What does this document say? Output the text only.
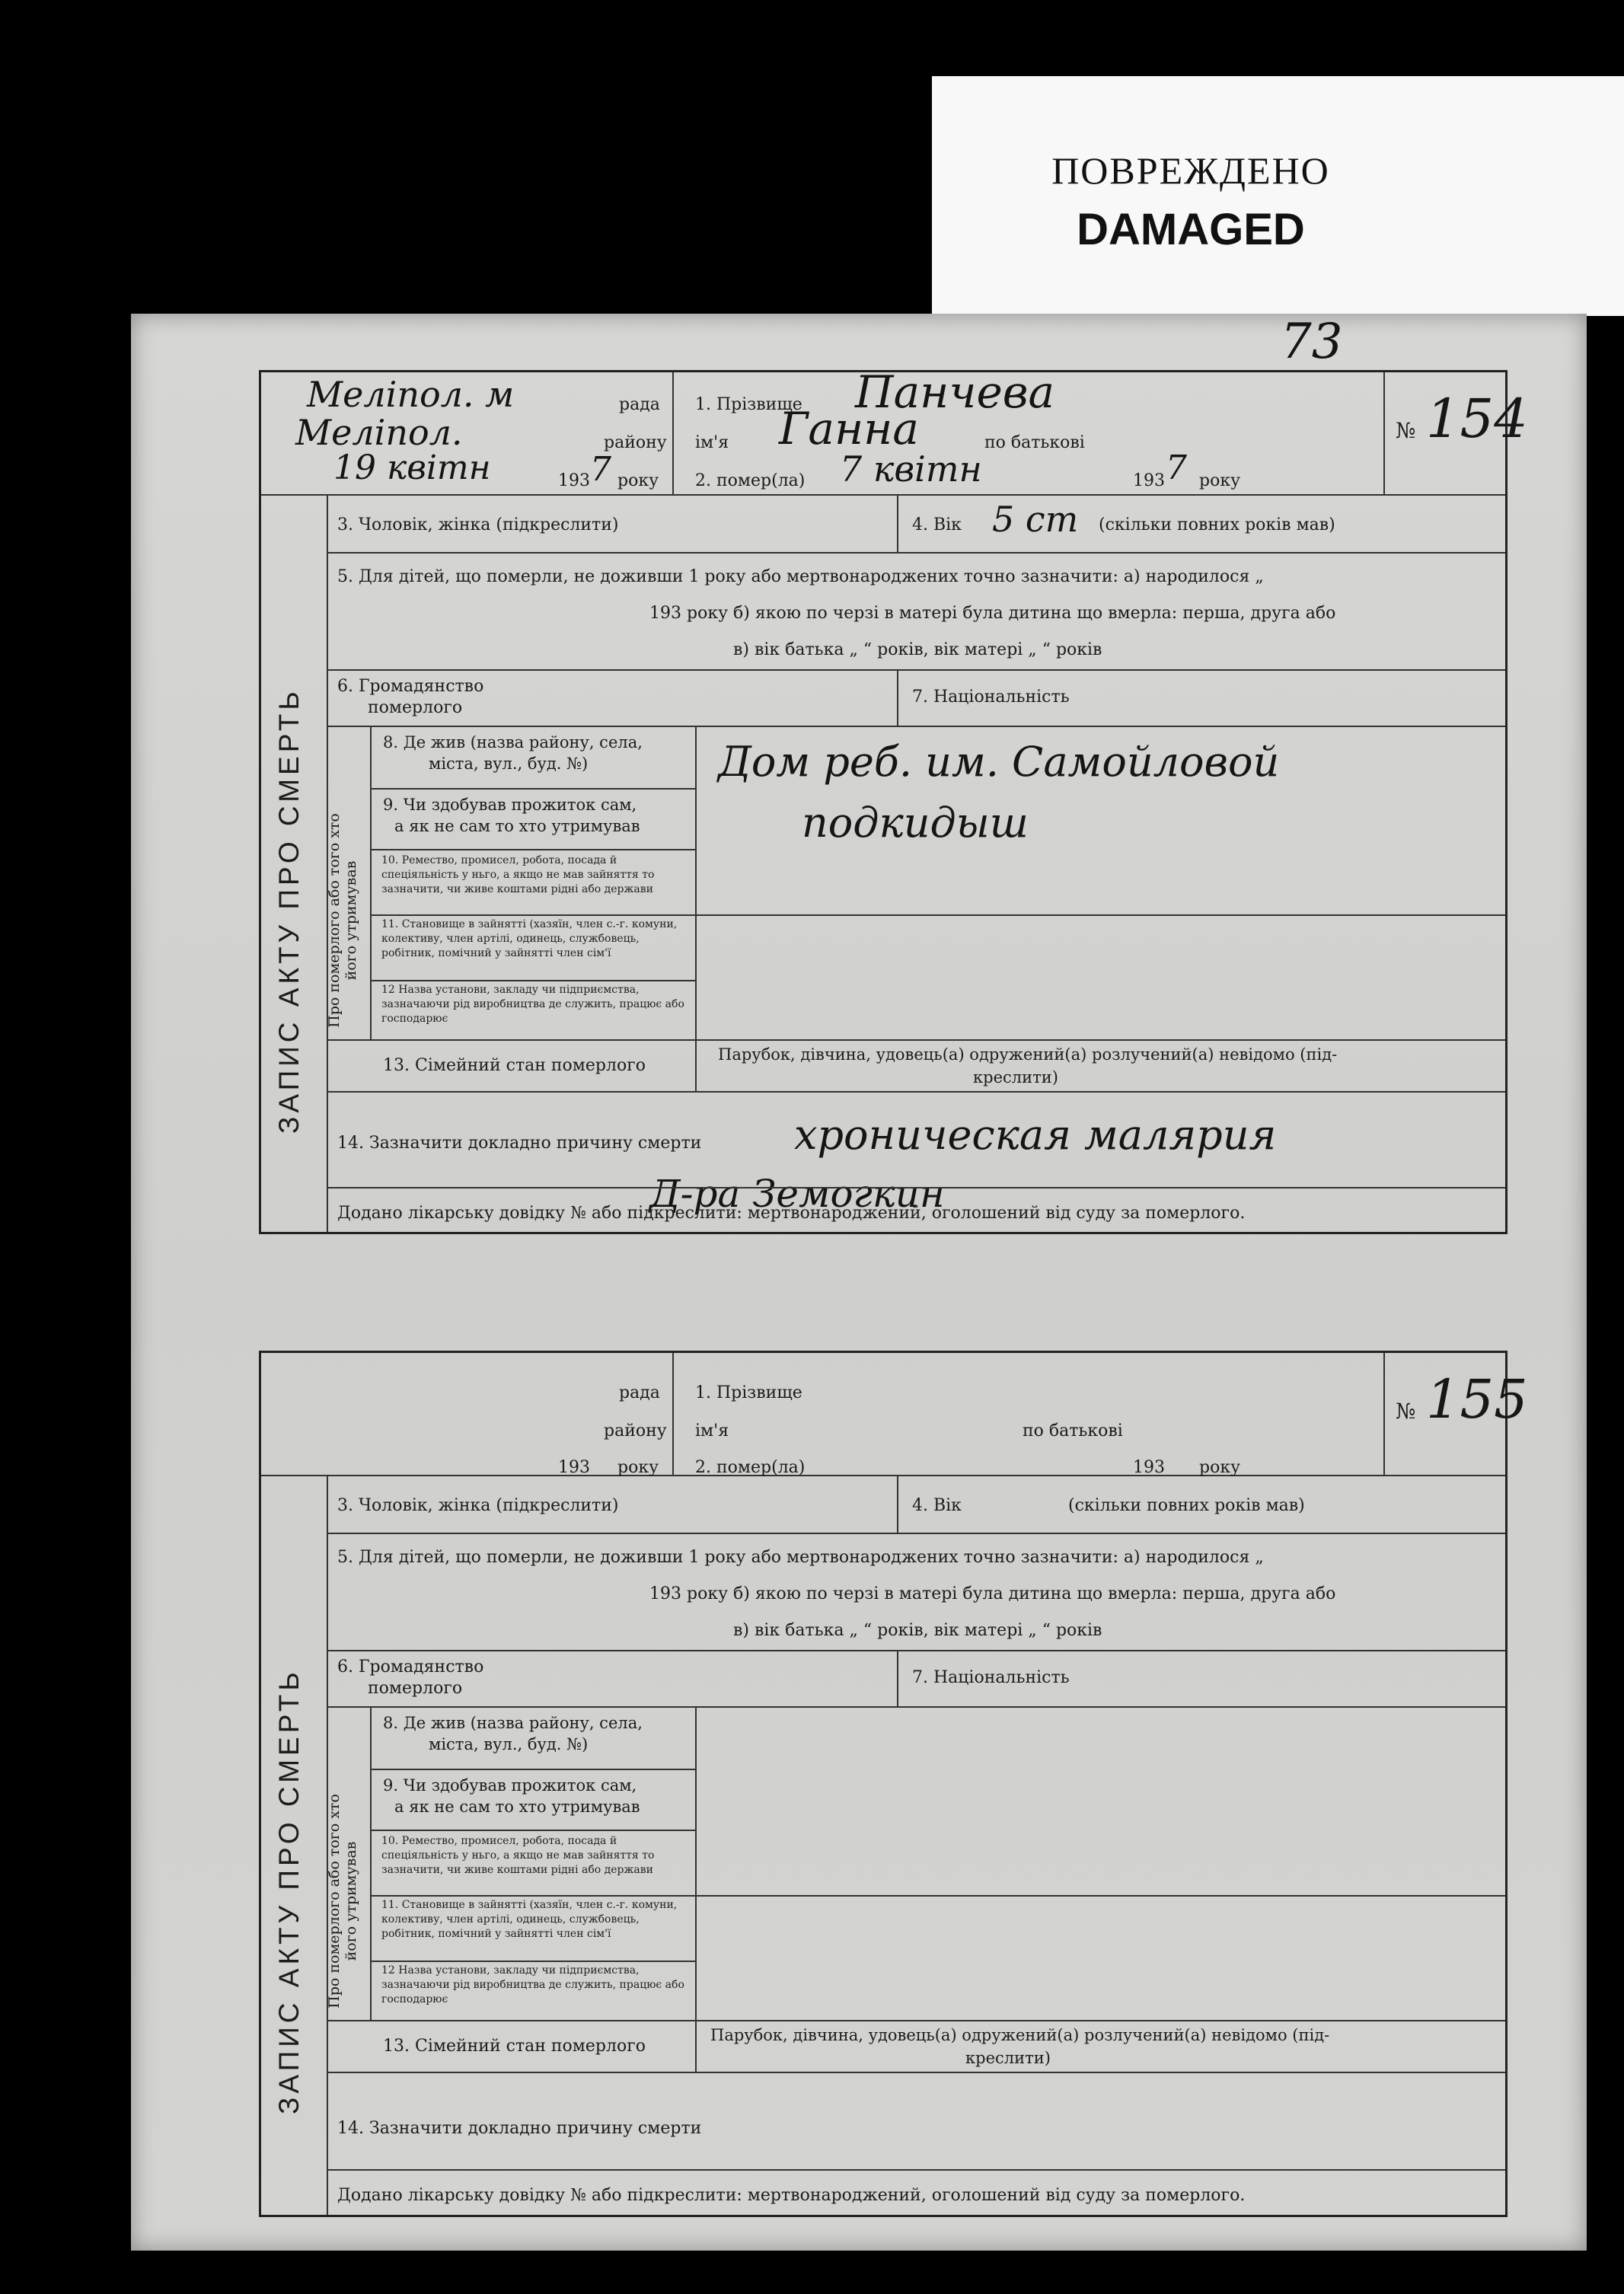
ПОВРЕЖДЕНО
DAMAGED
73
Меліпол. м	рада
Меліпол.	району
19 квітн	193 7 року
1. Прізвище Панчева
ім'я Ганна	по батькові
2. помер(ла) 7 квітн	193 7 року
№ 154
ЗАПИС АКТУ ПРО СМЕРТЬ
3. Чоловік, жінка (підкреслити)	4. Вік 5 ст (скільки повних років мав)
5. Для дітей, що померли, не доживши 1 року або мертвонароджених точно зазначити: а) народилося „
193 року б) якою по черзі в матері була дитина що вмерла: перша, друга або
в) вік батька „ “ років, вік матері „ “ років
6. Громадянство
померлого
7. Національність
Про померлого або того хто його утримував
8. Де жив (назва району, села,
міста, вул., буд. №)	Дом реб. им. Самойловой
9. Чи здобував прожиток сам,
а як не сам то хто утримував	подкидыш
10. Ремество, промисел, робота, посада й спеціяльність у ньго, а якщо не мав зайняття то зазначити, чи живе коштами рідні або держави
11. Становище в зайнятті (хазяїн, член с.-г. комуни, колективу, член артілі, одинець, службовець, робітник, помічний у зайнятті член сім'ї
12 Назва установи, закладу чи підприємства, зазначаючи рід виробництва де служить, працює або господарює
13. Сімейний стан померлого
Парубок, дівчина, удовець(а) одружений(а) розлучений(а) невідомо (під-
креслити)
14. Зазначити докладно причину смерти хроническая малярия
Д-ра Земогкин
Додано лікарську довідку № або підкреслити: мертвонароджений, оголошений від суду за померлого.
рада
району
193 року
1. Прізвище
ім'я	по батькові
2. помер(ла)	193 року
№ 155
ЗАПИС АКТУ ПРО СМЕРТЬ
3. Чоловік, жінка (підкреслити)	4. Вік	(скільки повних років мав)
5. Для дітей, що померли, не доживши 1 року або мертвонароджених точно зазначити: а) народилося „
193 року б) якою по черзі в матері була дитина що вмерла: перша, друга або
в) вік батька „ “ років, вік матері „ “ років
6. Громадянство
померлого
7. Національність
Про померлого або того хто його утримував
8. Де жив (назва району, села,
міста, вул., буд. №)
9. Чи здобував прожиток сам,
а як не сам то хто утримував
10. Ремество, промисел, робота, посада й спеціяльність у ньго, а якщо не мав зайняття то зазначити, чи живе коштами рідні або держави
11. Становище в зайнятті (хазяїн, член с.-г. комуни, колективу, член артілі, одинець, службовець, робітник, помічний у зайнятті член сім'ї
12 Назва установи, закладу чи підприємства, зазначаючи рід виробництва де служить, працює або господарює
13. Сімейний стан померлого
Парубок, дівчина, удовець(а) одружений(а) розлучений(а) невідомо (під-
креслити)
14. Зазначити докладно причину смерти
Додано лікарську довідку № або підкреслити: мертвонароджений, оголошений від суду за померлого.
